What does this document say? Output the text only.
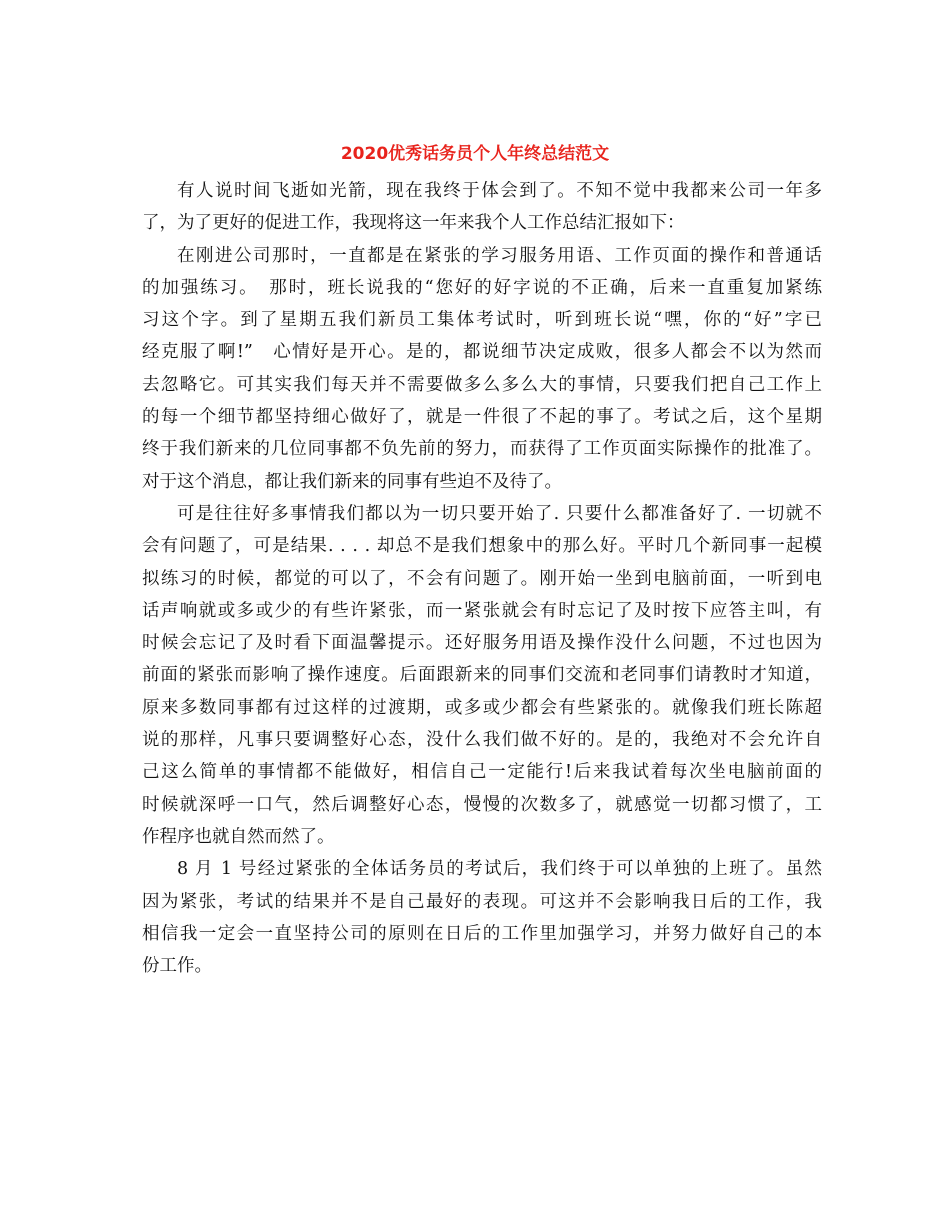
2020优秀话务员个人年终总结范文
有人说时间飞逝如光箭，现在我终于体会到了。不知不觉中我都来公司一年多
了，为了更好的促进工作，我现将这一年来我个人工作总结汇报如下：
在刚进公司那时，一直都是在紧张的学习服务用语、工作页面的操作和普通话
的加强练习。　那时，班长说我的“您好的好字说的不正确，后来一直重复加紧练
习这个字。到了星期五我们新员工集体考试时，听到班长说“嘿，你的“好”字已
经克服了啊!”　心情好是开心。是的，都说细节决定成败，很多人都会不以为然而
去忽略它。可其实我们每天并不需要做多么多么大的事情，只要我们把自己工作上
的每一个细节都坚持细心做好了，就是一件很了不起的事了。考试之后，这个星期
终于我们新来的几位同事都不负先前的努力，而获得了工作页面实际操作的批准了。
对于这个消息，都让我们新来的同事有些迫不及待了。
可是往往好多事情我们都以为一切只要开始了. 只要什么都准备好了. 一切就不
会有问题了，可是结果. . . . 却总不是我们想象中的那么好。平时几个新同事一起模
拟练习的时候，都觉的可以了，不会有问题了。刚开始一坐到电脑前面，一听到电
话声响就或多或少的有些许紧张，而一紧张就会有时忘记了及时按下应答主叫，有
时候会忘记了及时看下面温馨提示。还好服务用语及操作没什么问题，不过也因为
前面的紧张而影响了操作速度。后面跟新来的同事们交流和老同事们请教时才知道，
原来多数同事都有过这样的过渡期，或多或少都会有些紧张的。就像我们班长陈超
说的那样，凡事只要调整好心态，没什么我们做不好的。是的，我绝对不会允许自
己这么简单的事情都不能做好，相信自己一定能行!后来我试着每次坐电脑前面的
时候就深呼一口气，然后调整好心态，慢慢的次数多了，就感觉一切都习惯了，工
作程序也就自然而然了。
8 月 1 号经过紧张的全体话务员的考试后，我们终于可以单独的上班了。虽然
因为紧张，考试的结果并不是自己最好的表现。可这并不会影响我日后的工作，我
相信我一定会一直坚持公司的原则在日后的工作里加强学习，并努力做好自己的本
份工作。
